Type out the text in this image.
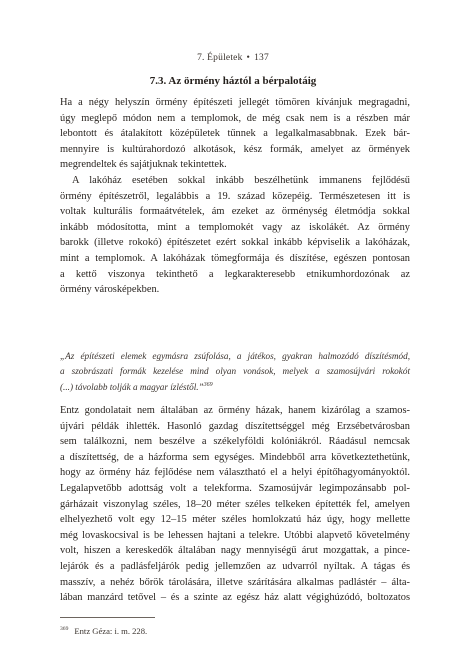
7. Épületek • 137
7.3. Az örmény háztól a bérpalotáig
Ha a négy helyszín örmény építészeti jellegét tömören kívánjuk megragadni,
úgy meglepő módon nem a templomok, de még csak nem is a részben már
lebontott és átalakított középületek tűnnek a legalkalmasabbnak. Ezek bár-
mennyire is kultúrahordozó alkotások, kész formák, amelyet az örmények
megrendeltek és sajátjuknak tekintettek.
A lakóház esetében sokkal inkább beszélhetünk immanens fejlődésű
örmény építészetről, legalábbis a 19. század közepéig. Természetesen itt is
voltak kulturális formaátvételek, ám ezeket az örménység életmódja sokkal
inkább módosította, mint a templomokét vagy az iskolákét. Az örmény
barokk (illetve rokokó) építészetet ezért sokkal inkább képviselik a lakóházak,
mint a templomok. A lakóházak tömegformája és díszítése, egészen pontosan
a kettő viszonya tekinthető a legkarakteresebb etnikumhordozónak az
örmény városképekben.
„Az építészeti elemek egymásra zsúfolása, a játékos, gyakran halmozódó díszítésmód,
a szobrászati formák kezelése mind olyan vonások, melyek a szamosújvári rokokót
(...) távolabb tolják a magyar ízléstől.”$^{369}$
Entz gondolatait nem általában az örmény házak, hanem kizárólag a szamos-
újvári példák ihlették. Hasonló gazdag díszítettséggel még Erzsébetvárosban
sem találkozni, nem beszélve a székelyföldi kolóniákról. Ráadásul nemcsak
a díszítettség, de a házforma sem egységes. Mindebből arra következtethetünk,
hogy az örmény ház fejlődése nem választható el a helyi építőhagyományoktól.
Legalapvetőbb adottság volt a telekforma. Szamosújvár legimpozánsabb pol-
gárházait viszonylag széles, 18–20 méter széles telkeken építették fel, amelyen
elhelyezhető volt egy 12–15 méter széles homlokzatú ház úgy, hogy mellette
még lovaskocsival is be lehessen hajtani a telekre. Utóbbi alapvető követelmény
volt, hiszen a kereskedők általában nagy mennyiségű árut mozgattak, a pince-
lejárók és a padlásfeljárók pedig jellemzően az udvarról nyíltak. A tágas és
masszív, a nehéz bőrök tárolására, illetve szárítására alkalmas padlástér – álta-
lában manzárd tetővel – és a szinte az egész ház alatt végighúzódó, boltozatos
$^{369}$ Entz Géza: i. m. 228.
